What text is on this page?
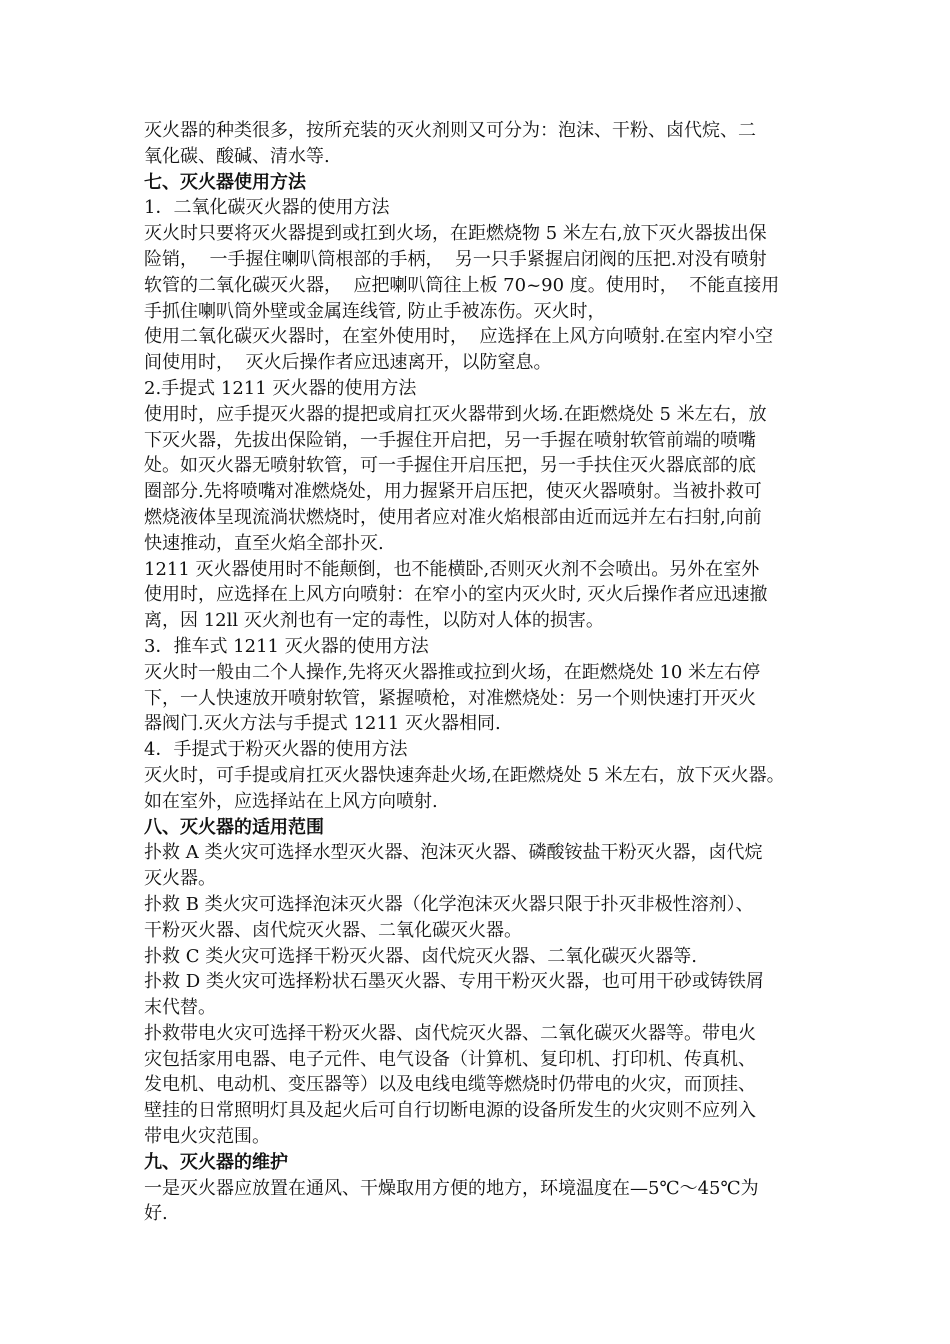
灭火器的种类很多，按所充装的灭火剂则又可分为：泡沫、干粉、卤代烷、二
氧化碳、酸碱、清水等.
七、灭火器使用方法
1．二氧化碳灭火器的使用方法
灭火时只要将灭火器提到或扛到火场，在距燃烧物 5 米左右,放下灭火器拔出保
险销，  一手握住喇叭筒根部的手柄，  另一只手紧握启闭阀的压把.对没有喷射
软管的二氧化碳灭火器，  应把喇叭筒往上板 70~90 度。使用时，  不能直接用
手抓住喇叭筒外壁或金属连线管, 防止手被冻伤。灭火时，
使用二氧化碳灭火器时，在室外使用时，  应选择在上风方向喷射.在室内窄小空
间使用时，  灭火后操作者应迅速离开，以防窒息。
2.手提式 1211 灭火器的使用方法
使用时，应手提灭火器的提把或肩扛灭火器带到火场.在距燃烧处 5 米左右，放
下灭火器，先拔出保险销，一手握住开启把，另一手握在喷射软管前端的喷嘴
处。如灭火器无喷射软管，可一手握住开启压把，另一手扶住灭火器底部的底
圈部分.先将喷嘴对准燃烧处，用力握紧开启压把，使灭火器喷射。当被扑救可
燃烧液体呈现流淌状燃烧时，使用者应对准火焰根部由近而远并左右扫射,向前
快速推动，直至火焰全部扑灭.
1211 灭火器使用时不能颠倒，也不能横卧,否则灭火剂不会喷出。另外在室外
使用时，应选择在上风方向喷射：在窄小的室内灭火时, 灭火后操作者应迅速撤
离，因 12ll 灭火剂也有一定的毒性，以防对人体的损害。
3．推车式 1211 灭火器的使用方法
灭火时一般由二个人操作,先将灭火器推或拉到火场，在距燃烧处 10 米左右停
下，一人快速放开喷射软管，紧握喷枪，对准燃烧处：另一个则快速打开灭火
器阀门.灭火方法与手提式 1211 灭火器相同.
4．手提式于粉灭火器的使用方法
灭火时，可手提或肩扛灭火器快速奔赴火场,在距燃烧处 5 米左右，放下灭火器。
如在室外，应选择站在上风方向喷射.
八、灭火器的适用范围
扑救 A 类火灾可选择水型灭火器、泡沫灭火器、磷酸铵盐干粉灭火器，卤代烷
灭火器。
扑救 B 类火灾可选择泡沫灭火器（化学泡沫灭火器只限于扑灭非极性溶剂）、
干粉灭火器、卤代烷灭火器、二氧化碳灭火器。
扑救 C 类火灾可选择干粉灭火器、卤代烷灭火器、二氧化碳灭火器等.
扑救 D 类火灾可选择粉状石墨灭火器、专用干粉灭火器，也可用干砂或铸铁屑
末代替。
扑救带电火灾可选择干粉灭火器、卤代烷灭火器、二氧化碳灭火器等。带电火
灾包括家用电器、电子元件、电气设备（计算机、复印机、打印机、传真机、
发电机、电动机、变压器等）以及电线电缆等燃烧时仍带电的火灾，而顶挂、
壁挂的日常照明灯具及起火后可自行切断电源的设备所发生的火灾则不应列入
带电火灾范围。
九、灭火器的维护
一是灭火器应放置在通风、干燥取用方便的地方，环境温度在—5℃～45℃为
好.
